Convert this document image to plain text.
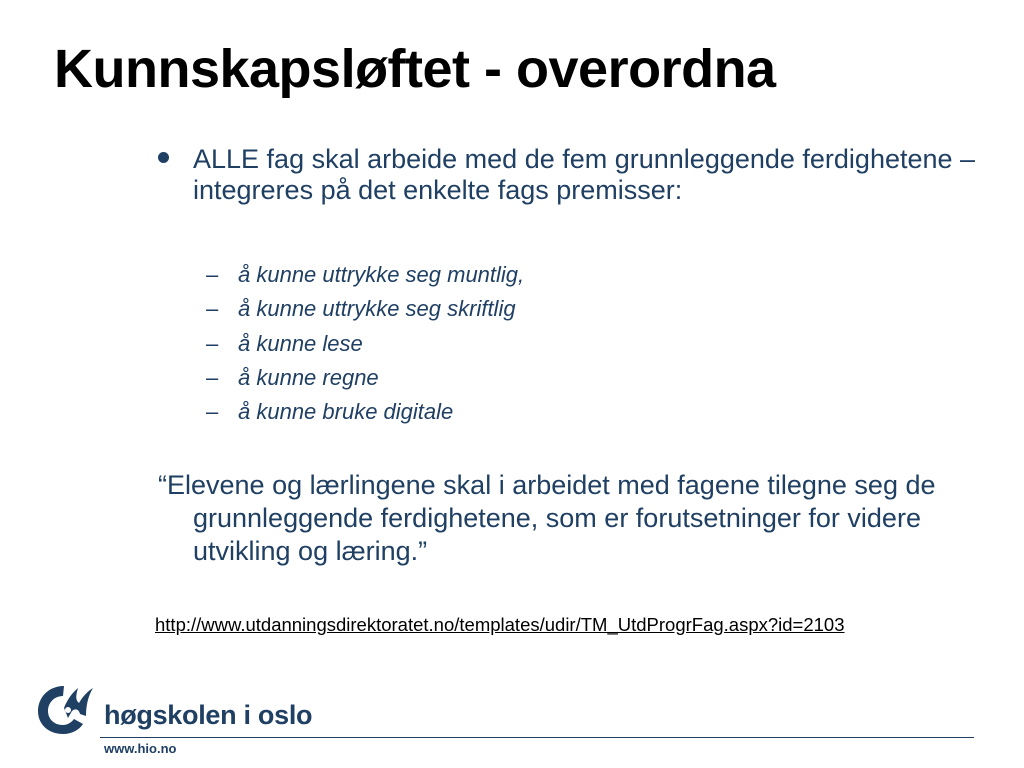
Kunnskapsløftet - overordna
ALLE fag skal arbeide med de fem grunnleggende ferdighetene – integreres på det enkelte fags premisser:
– å kunne uttrykke seg muntlig,
– å kunne uttrykke seg skriftlig
– å kunne lese
– å kunne regne
– å kunne bruke digitale
“Elevene og lærlingene skal i arbeidet med fagene tilegne seg de grunnleggende ferdighetene, som er forutsetninger for videre utvikling og læring.”
http://www.utdanningsdirektoratet.no/templates/udir/TM_UtdProgrFag.aspx?id=2103
høgskolen i oslo
www.hio.no
